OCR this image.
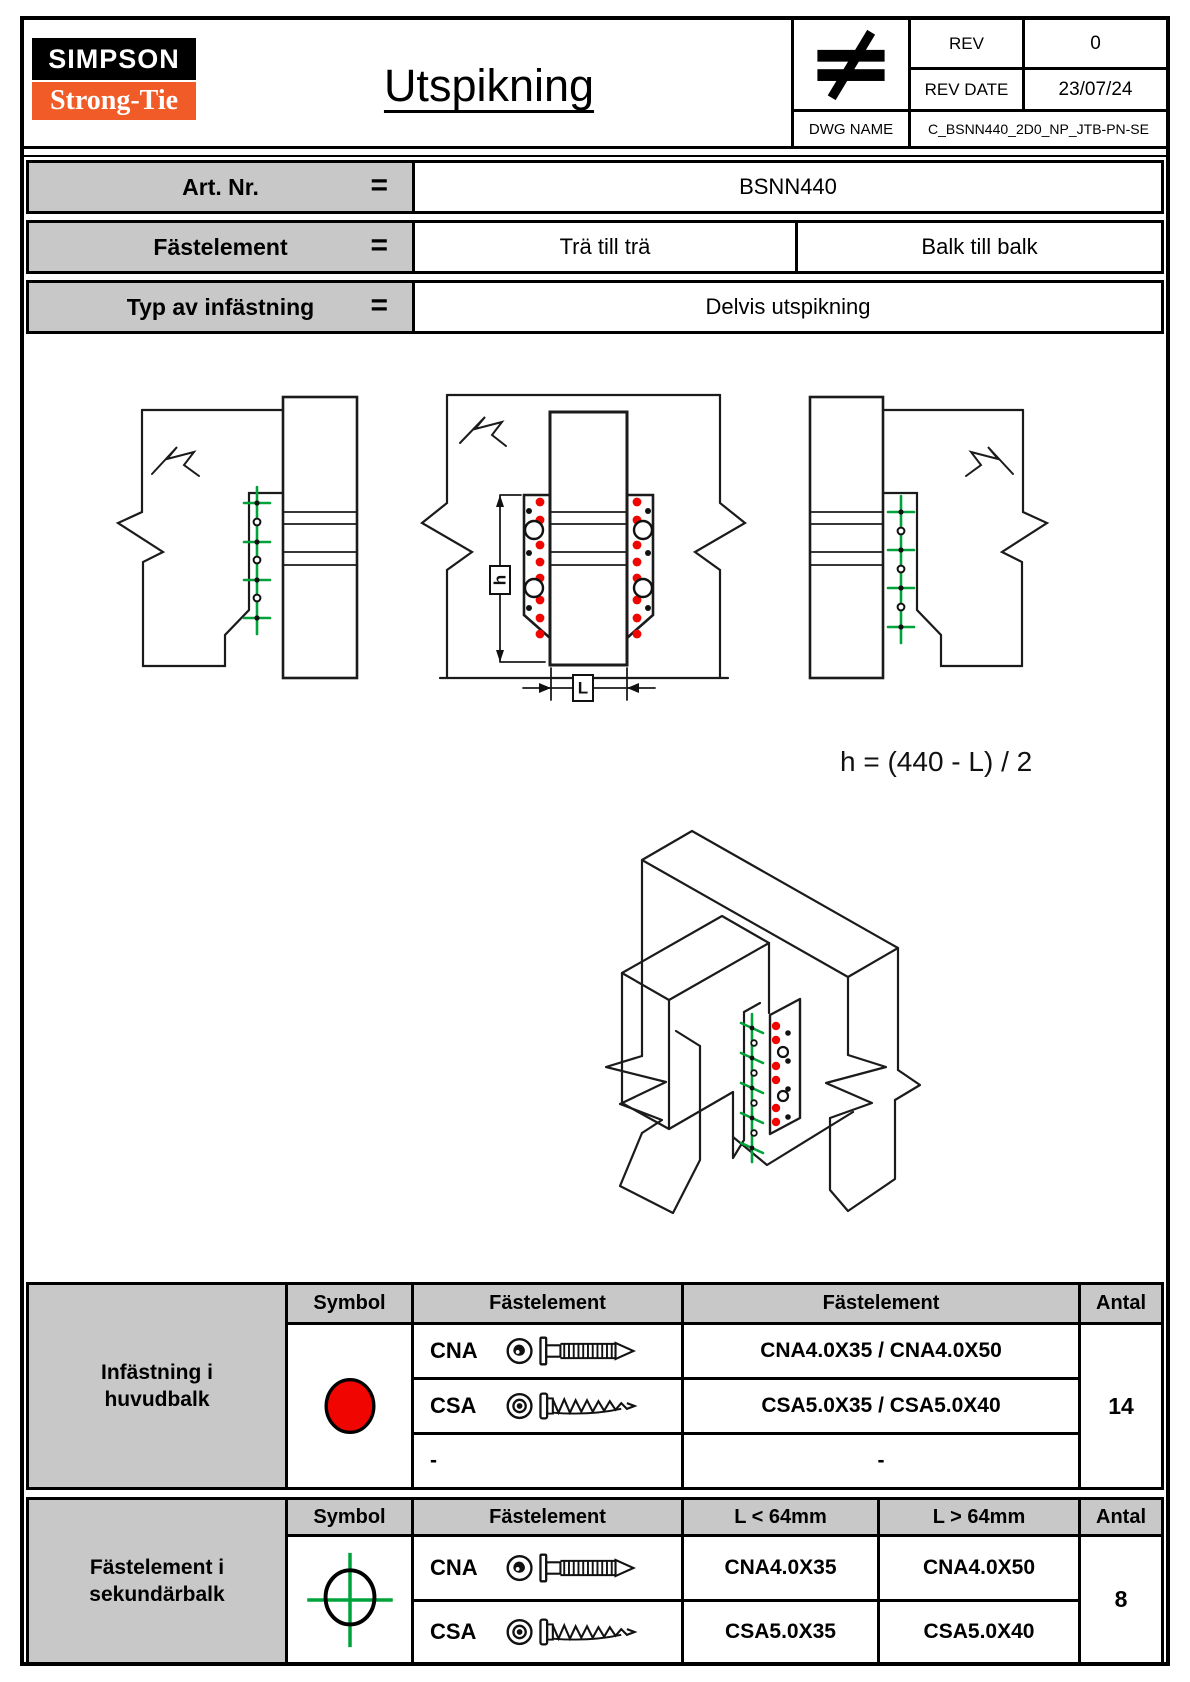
SIMPSON
Strong-Tie	Utspikning
REV	0
REV DATE	23/07/24
DWG NAME	C_BSNN440_2D0_NP_JTB-PN-SE
Art. Nr.	=	BSNN440
Fästelement	=	Trä till trä	Balk till balk
Typ av infästning =	Delvis utspikning
h
L
h = (440 - L) / 2
Infästning i
huvudbalk
Symbol	Fästelement	Fästelement	Antal
CNA	CNA4.0X35 / CNA4.0X50
CSA	CSA5.0X35 / CSA5.0X40
-	-
14
Fästelement i
sekundärbalk
Symbol	Fästelement	L < 64mm	L > 64mm	Antal
CNA	CNA4.0X35	CNA4.0X50
CSA	CSA5.0X35	CSA5.0X40
8
